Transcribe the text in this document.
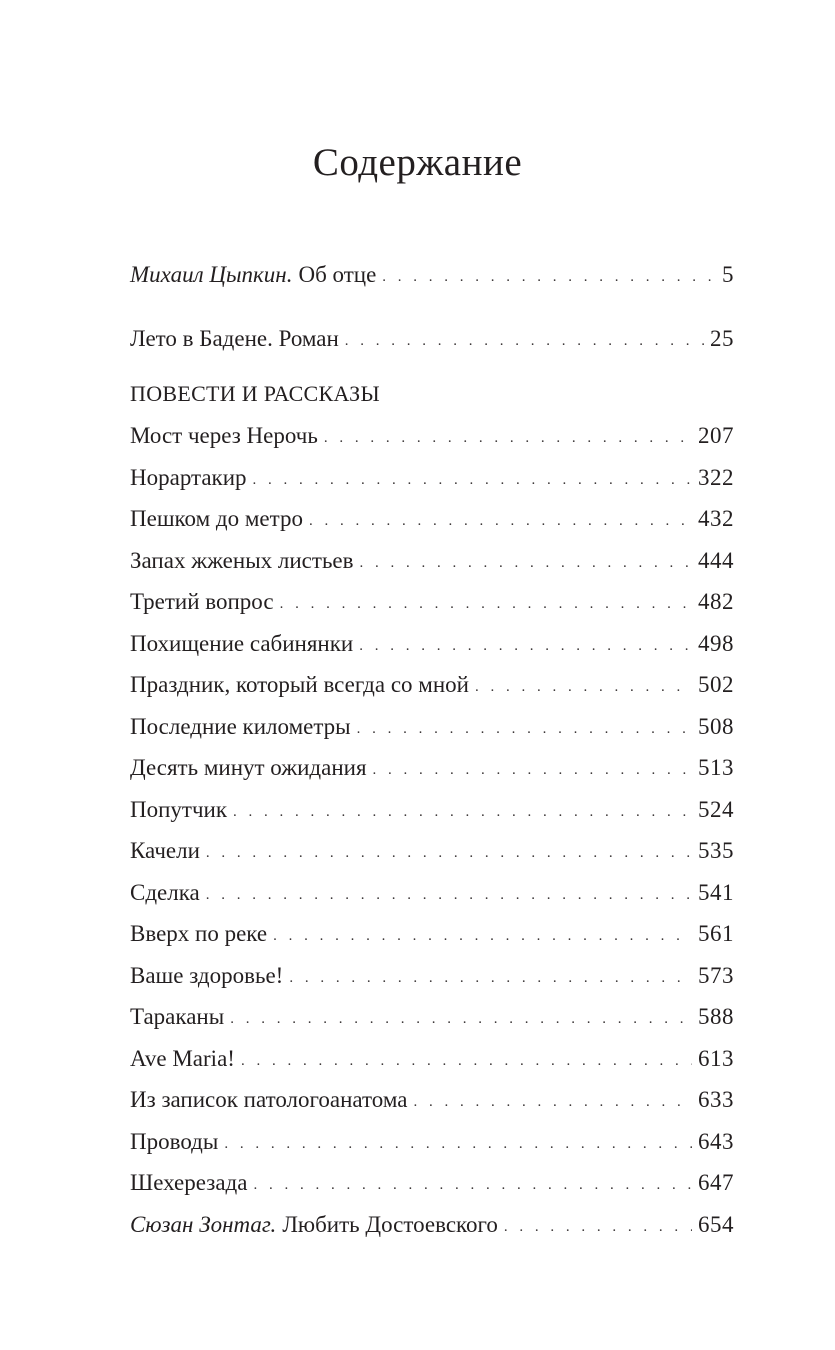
Содержание
Михаил Цыпкин. Об отце . . .	5
Лето в Бадене. Роман . . .	25
ПОВЕСТИ И РАССКАЗЫ
Мост через Нерочь . . .	207
Норартакир . . .	322
Пешком до метро . . .	432
Запах жженых листьев . . .	444
Третий вопрос . . .	482
Похищение сабинянки . . .	498
Праздник, который всегда со мной . . .	502
Последние километры . . .	508
Десять минут ожидания . . .	513
Попутчик . . .	524
Качели . . .	535
Сделка . . .	541
Вверх по реке . . .	561
Ваше здоровье! . . .	573
Тараканы . . .	588
Ave Maria! . . .	613
Из записок патологоанатома . . .	633
Проводы . . .	643
Шехерезада . . .	647
Сюзан Зонтаг. Любить Достоевского . . .	654
